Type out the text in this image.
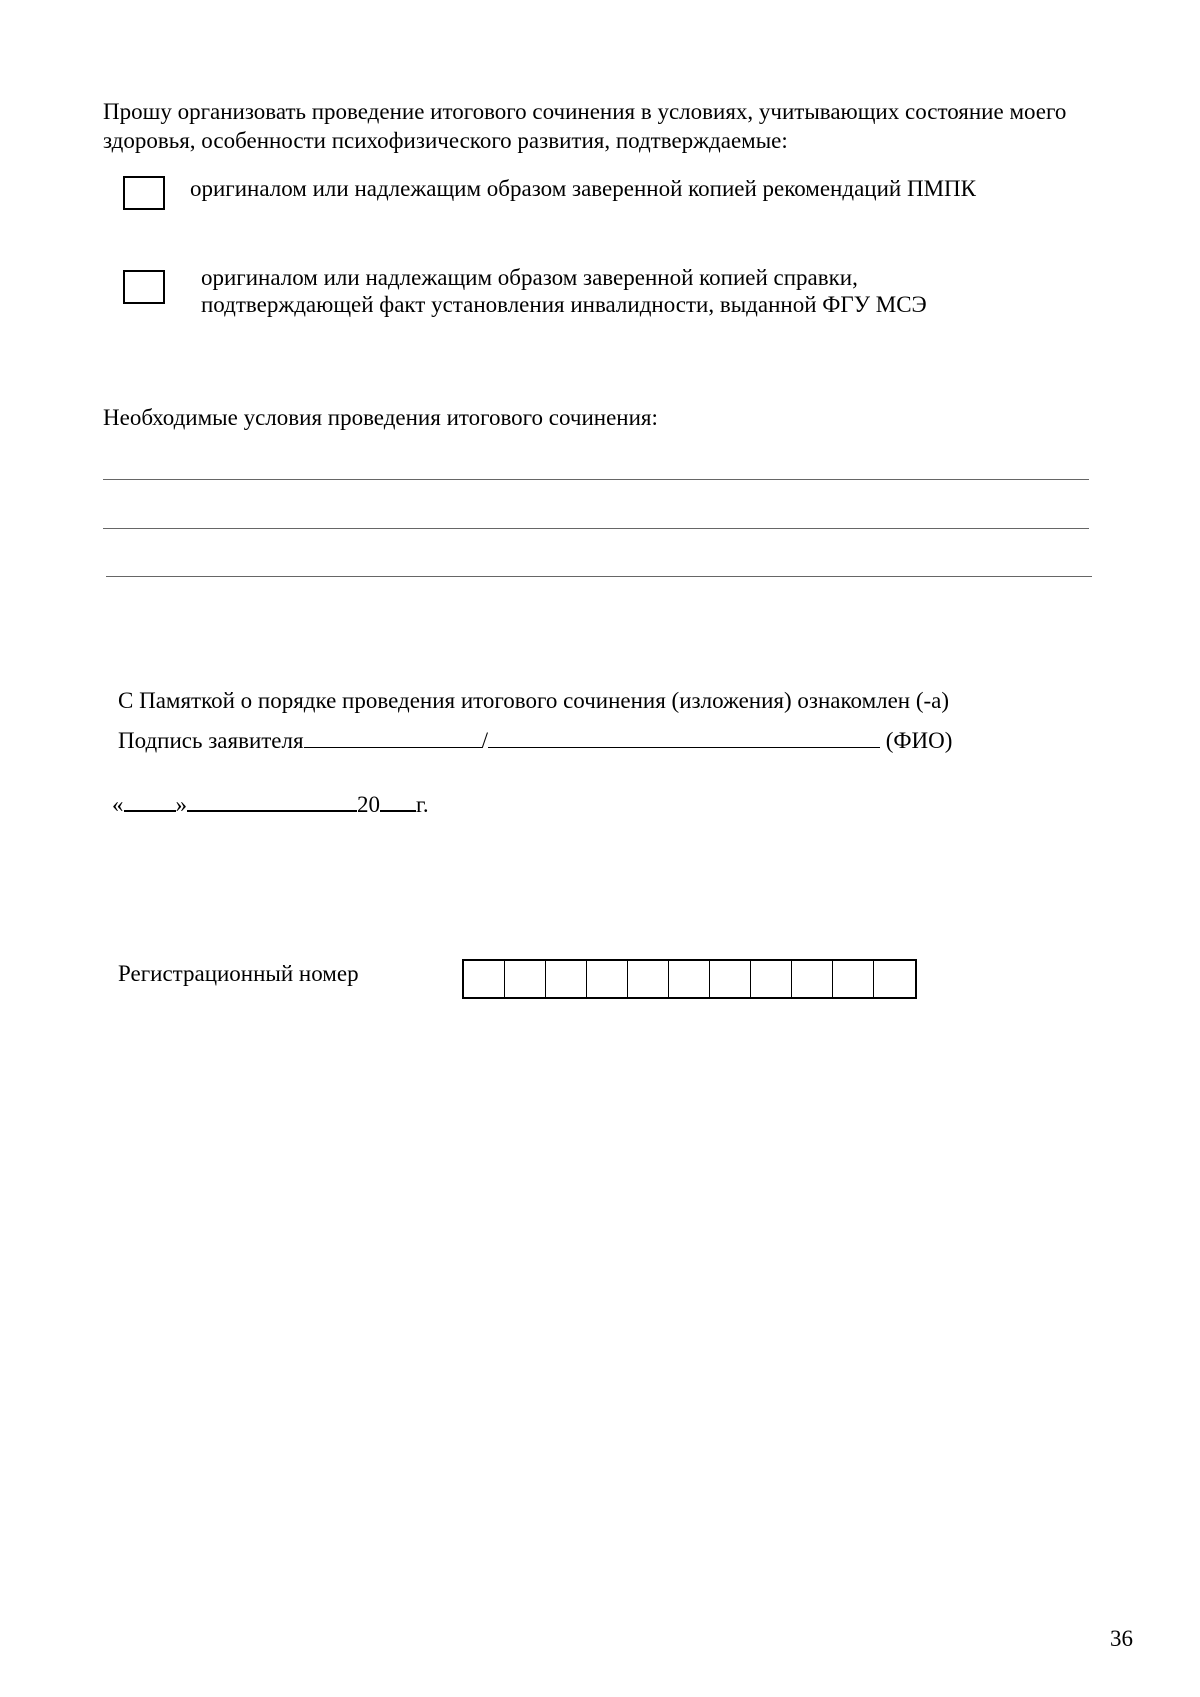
Прошу организовать проведение итогового сочинения в условиях, учитывающих состояние моего
здоровья, особенности психофизического развития, подтверждаемые:
оригиналом или надлежащим образом заверенной копией рекомендаций ПМПК
оригиналом или надлежащим образом заверенной копией справки,
подтверждающей факт установления инвалидности, выданной ФГУ МСЭ
Необходимые условия проведения итогового сочинения:
С Памяткой о порядке проведения итогового сочинения (изложения) ознакомлен (-а)
Подпись заявителя	/	(ФИО)
« »	20 г.
Регистрационный номер
36
